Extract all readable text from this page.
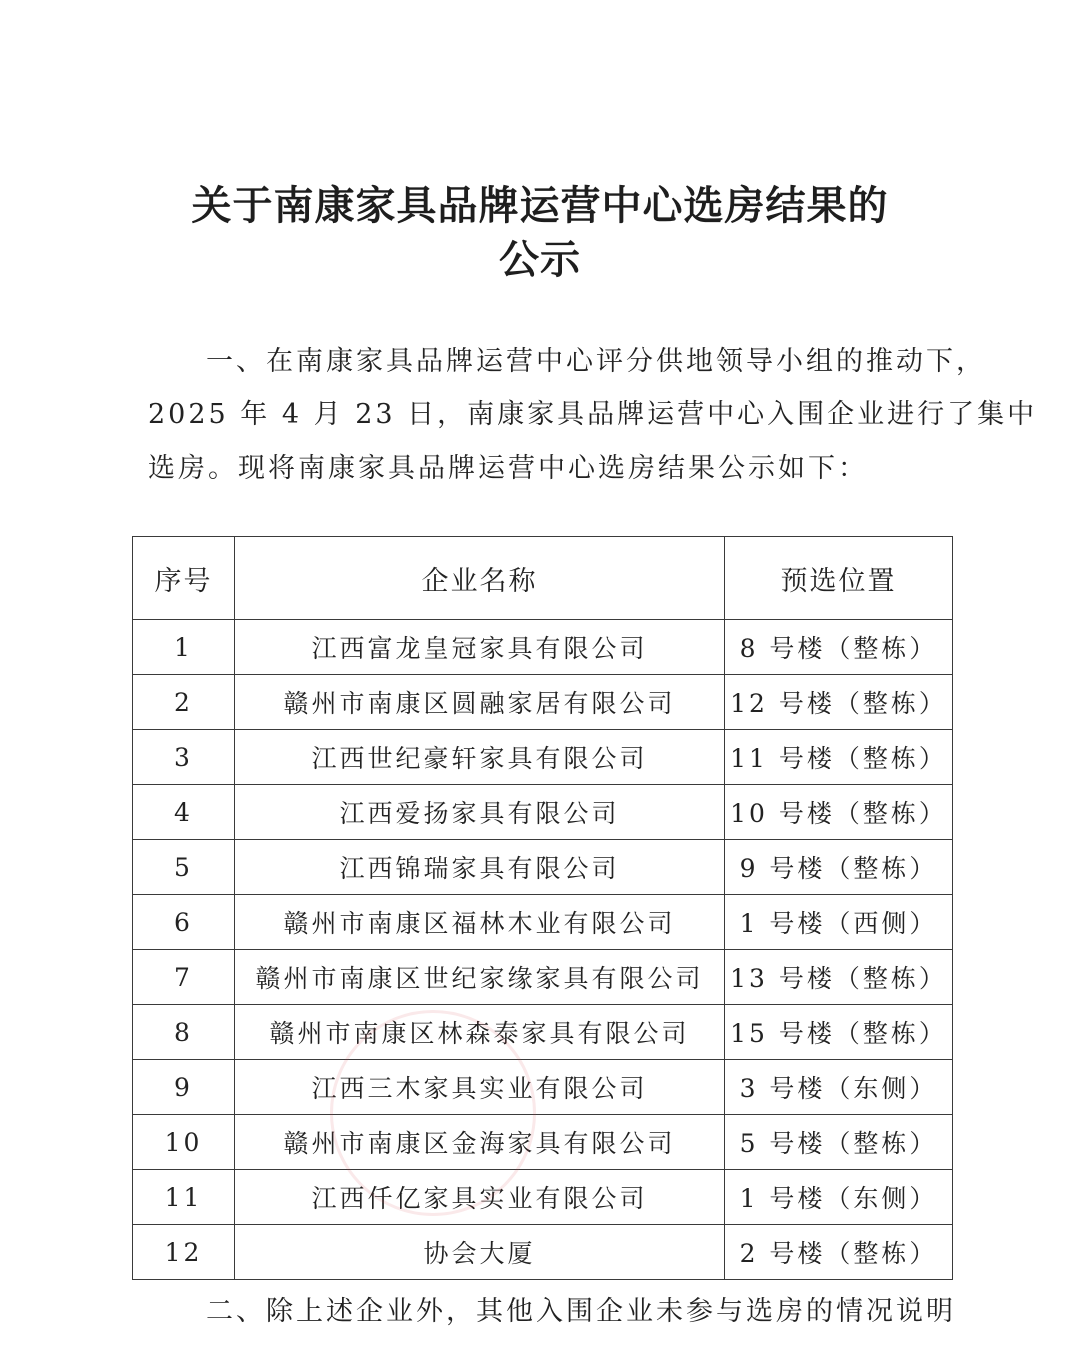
关于南康家具品牌运营中心选房结果的
公示
一、在南康家具品牌运营中心评分供地领导小组的推动下，
2025 年 4 月 23 日，南康家具品牌运营中心入围企业进行了集中
选房。现将南康家具品牌运营中心选房结果公示如下：
序号	企业名称	预选位置
1	江西富龙皇冠家具有限公司	8 号楼（整栋）
2	赣州市南康区圆融家居有限公司	12 号楼（整栋）
3	江西世纪豪轩家具有限公司	11 号楼（整栋）
4	江西爱扬家具有限公司	10 号楼（整栋）
5	江西锦瑞家具有限公司	9 号楼（整栋）
6	赣州市南康区福林木业有限公司	1 号楼（西侧）
7	赣州市南康区世纪家缘家具有限公司	13 号楼（整栋）
8	赣州市南康区林森泰家具有限公司	15 号楼（整栋）
9	江西三木家具实业有限公司	3 号楼（东侧）
10	赣州市南康区金海家具有限公司	5 号楼（整栋）
11	江西仟亿家具实业有限公司	1 号楼（东侧）
12	协会大厦	2 号楼（整栋）
二、除上述企业外，其他入围企业未参与选房的情况说明
